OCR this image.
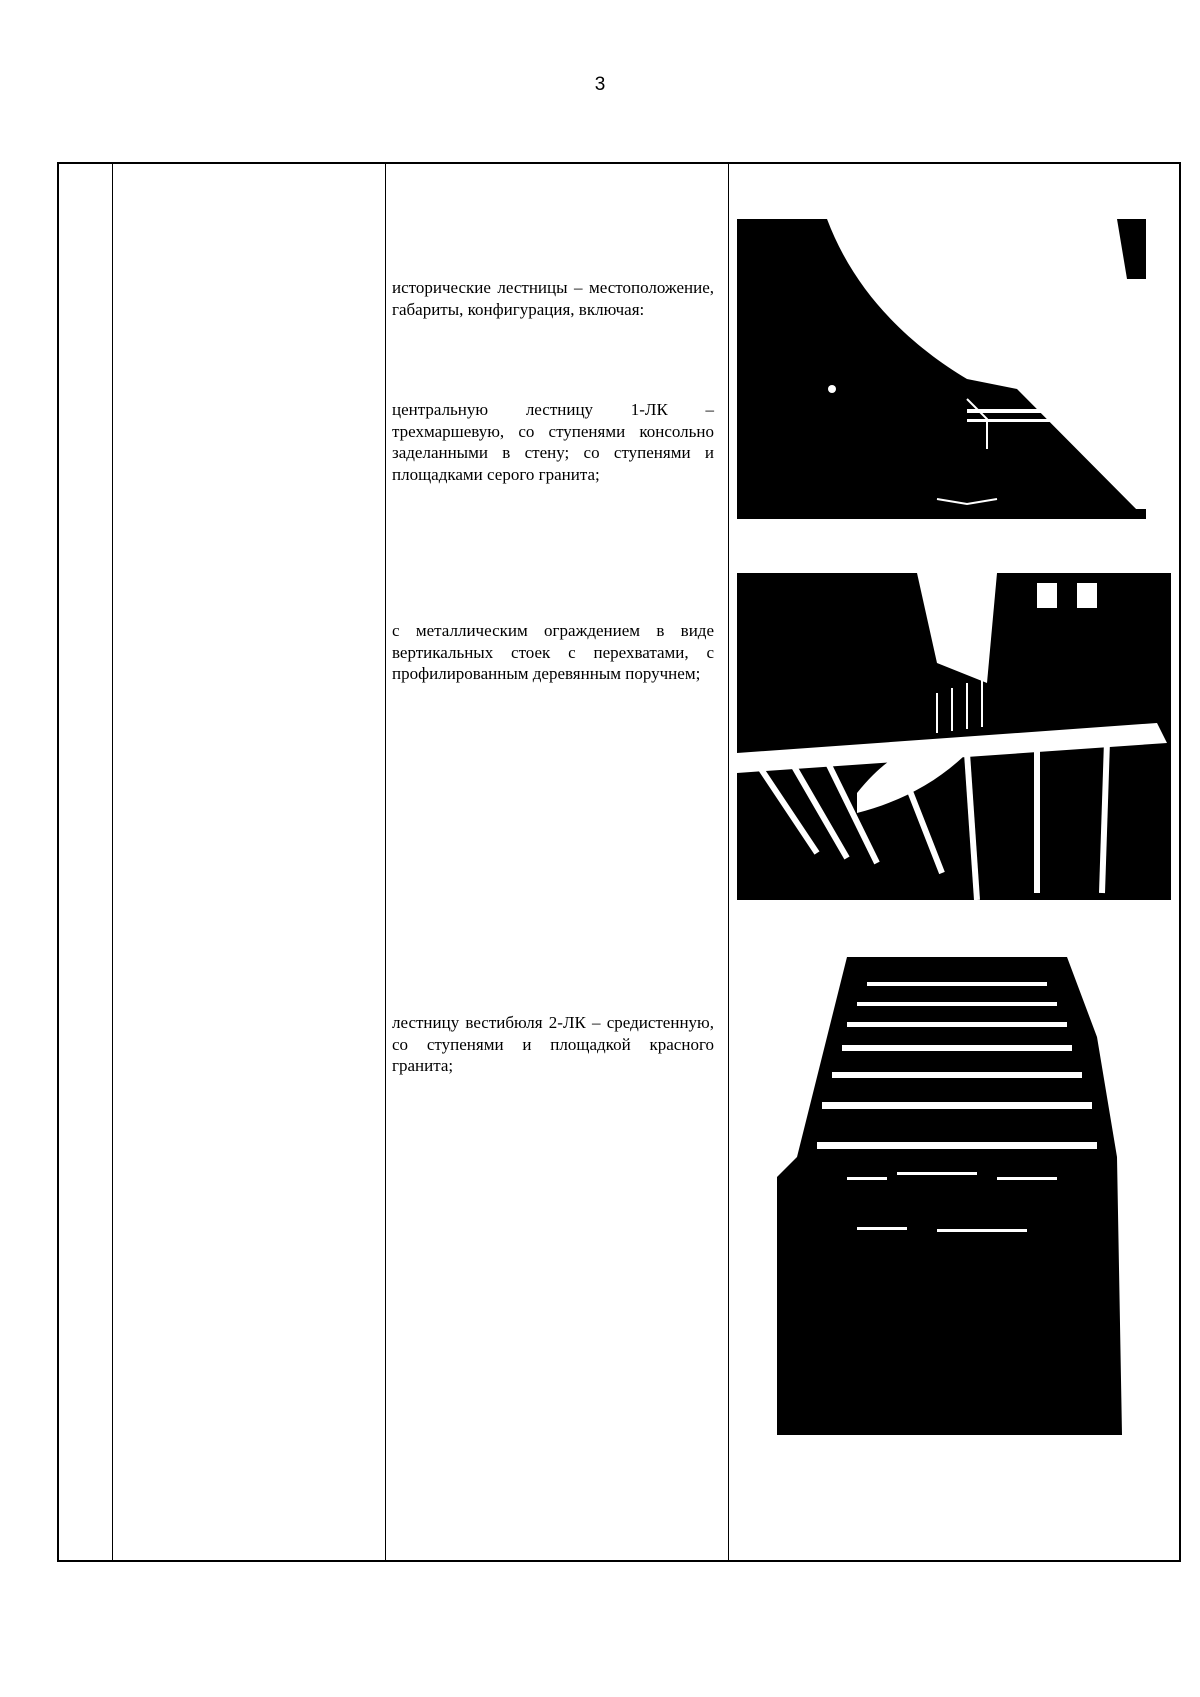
3
исторические лестницы – местоположение, габариты, конфигурация, включая:
центральную лестницу 1-ЛК – трехмаршевую, со ступенями консольно заделанными в стену; со ступенями и площадками серого гранита;
с металлическим ограждением в виде вертикальных стоек с перехватами, с профилированным деревянным поручнем;
лестницу вестибюля 2-ЛК – средистенную, со ступенями и площадкой красного гранита;
